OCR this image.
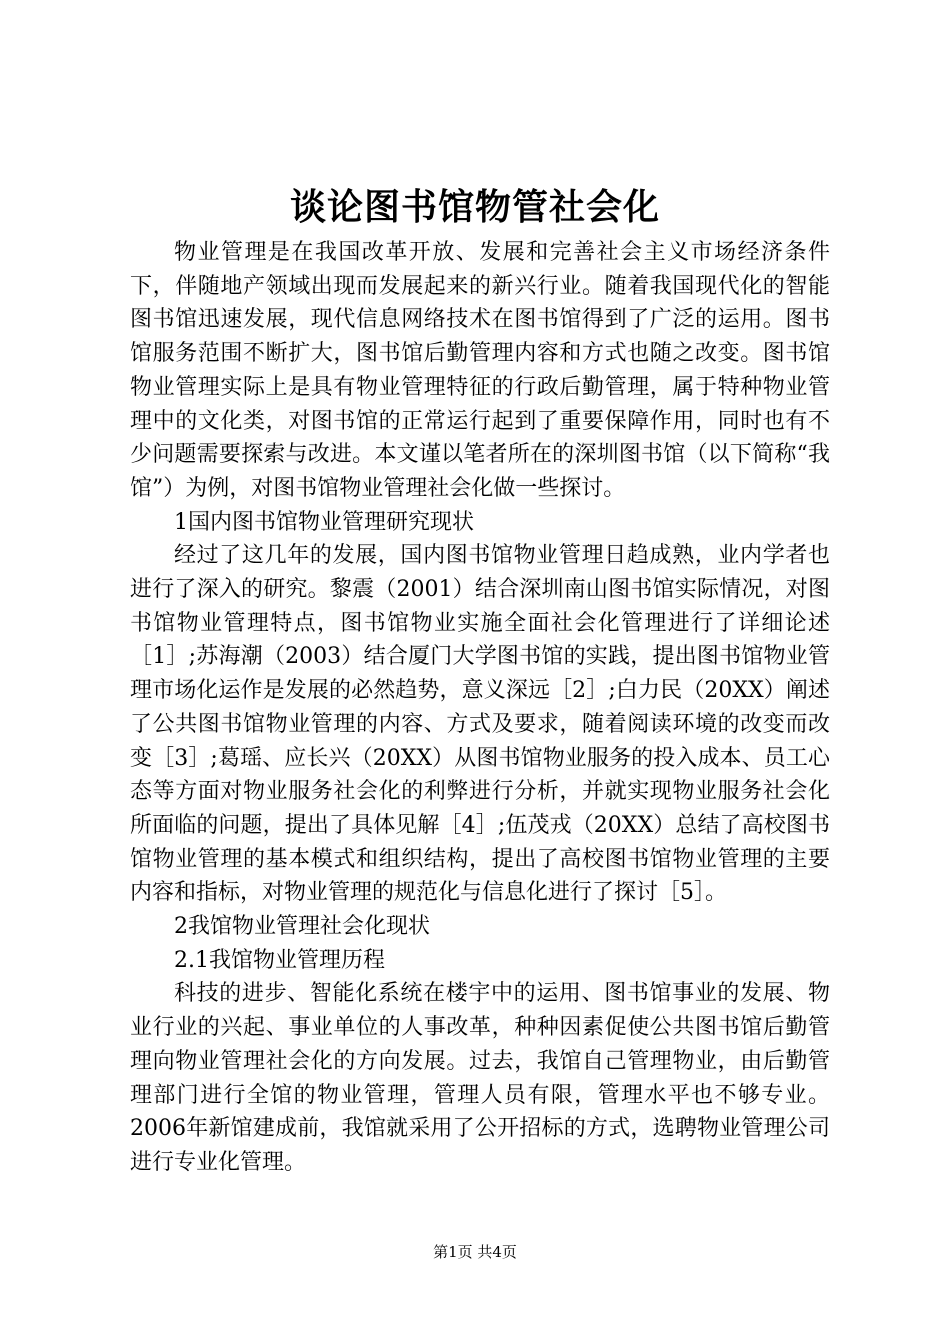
谈论图书馆物管社会化

物业管理是在我国改革开放、发展和完善社会主义市场经济条件下，伴随地产领域出现而发展起来的新兴行业。随着我国现代化的智能图书馆迅速发展，现代信息网络技术在图书馆得到了广泛的运用。图书馆服务范围不断扩大，图书馆后勤管理内容和方式也随之改变。图书馆物业管理实际上是具有物业管理特征的行政后勤管理，属于特种物业管理中的文化类，对图书馆的正常运行起到了重要保障作用，同时也有不少问题需要探索与改进。本文谨以笔者所在的深圳图书馆（以下简称“我馆”）为例，对图书馆物业管理社会化做一些探讨。

1国内图书馆物业管理研究现状

经过了这几年的发展，国内图书馆物业管理日趋成熟，业内学者也进行了深入的研究。黎震（2001）结合深圳南山图书馆实际情况，对图书馆物业管理特点，图书馆物业实施全面社会化管理进行了详细论述［1］;苏海潮（2003）结合厦门大学图书馆的实践，提出图书馆物业管理市场化运作是发展的必然趋势，意义深远［2］;白力民（20XX）阐述了公共图书馆物业管理的内容、方式及要求，随着阅读环境的改变而改变［3］;葛瑶、应长兴（20XX）从图书馆物业服务的投入成本、员工心态等方面对物业服务社会化的利弊进行分析，并就实现物业服务社会化所面临的问题，提出了具体见解［4］;伍茂戎（20XX）总结了高校图书馆物业管理的基本模式和组织结构，提出了高校图书馆物业管理的主要内容和指标，对物业管理的规范化与信息化进行了探讨［5］。

2我馆物业管理社会化现状

2.1我馆物业管理历程

科技的进步、智能化系统在楼宇中的运用、图书馆事业的发展、物业行业的兴起、事业单位的人事改革，种种因素促使公共图书馆后勤管理向物业管理社会化的方向发展。过去，我馆自己管理物业，由后勤管理部门进行全馆的物业管理，管理人员有限，管理水平也不够专业。2006年新馆建成前，我馆就采用了公开招标的方式，选聘物业管理公司进行专业化管理。

第1页 共4页
